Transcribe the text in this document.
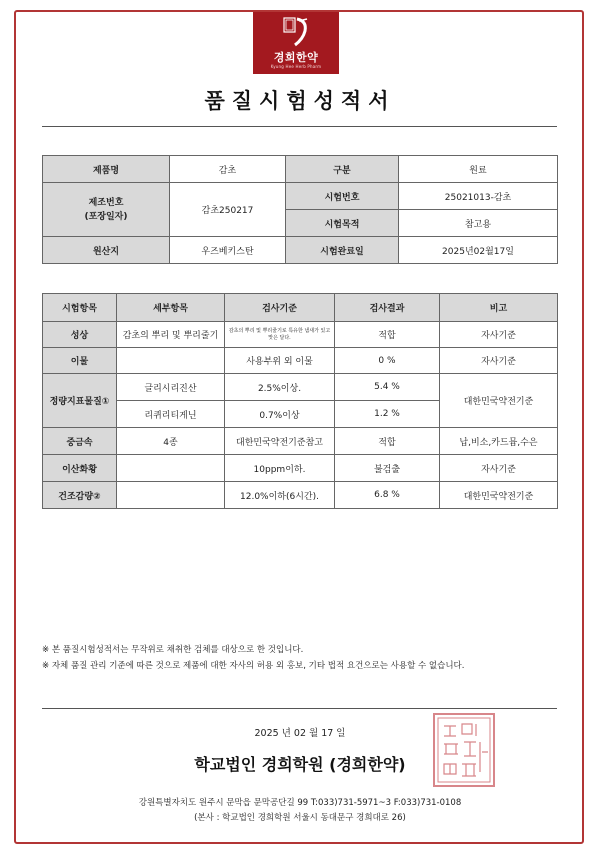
경희한약
Kyung Hee Herb Pharm
품질시험성적서
제품명	감초	구분	원료

제조번호
(포장일자)	감초250217	시험번호	25021013-감초
		시험목적	참고용
원산지	우즈베키스탄	시험완료일	2025년02월17일
시험항목	세부항목	검사기준	검사결과	비고
성상	감초의 뿌리 및 뿌리줄기	감초의 뿌리 및 뿌리줄기로 특유한 냄새가 있고 맛은 달다.	적합	자사기준
이물		사용부위 외 이물	0 %	자사기준
정량지표물질①	글리시리진산	2.5%이상.	5.4 %	대한민국약전기준
	리퀴리티게닌	0.7%이상	1.2 %	
중금속	4종	대한민국약전기준참고	적합	납,비소,카드뮴,수은
이산화황		10ppm이하.	불검출	자사기준
건조감량②		12.0%이하(6시간).	6.8 %	대한민국약전기준
※ 본 품질시험성적서는 무작위로 채취한 검체를 대상으로 한 것입니다.
※ 자체 품질 관리 기준에 따른 것으로 제품에 대한 자사의 허용 외 홍보, 기타 법적 요건으로는 사용할 수 없습니다.
2025 년 02 월 17 일
학교법인 경희학원 (경희한약)
강원특별자치도 원주시 문막읍 문막공단길 99 T:033)731-5971~3 F:033)731-0108
(본사 : 학교법인 경희학원 서울시 동대문구 경희대로 26)
